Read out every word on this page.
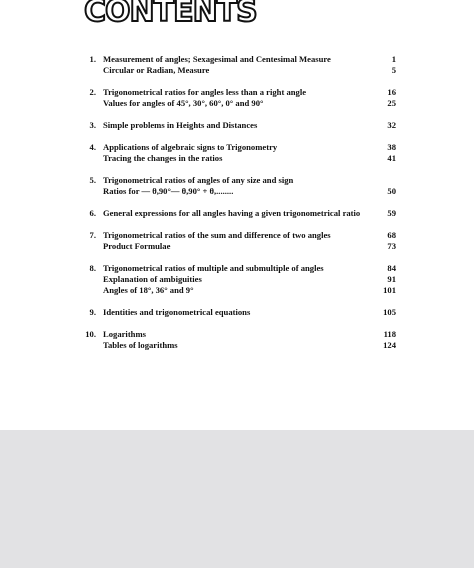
CONTENTS
1. Measurement of angles; Sexagesimal and Centesimal Measure	1
Circular or Radian, Measure	5
2. Trigonometrical ratios for angles less than a right angle	16
Values for angles of 45°, 30°, 60°, 0° and 90°	25
3. Simple problems in Heights and Distances	32
4. Applications of algebraic signs to Trigonometry	38
Tracing the changes in the ratios	41
5. Trigonometrical ratios of angles of any size and sign
Ratios for — θ,90°— θ,90° + θ,........	50
6. General expressions for all angles having a given trigonometrical ratio	59
7. Trigonometrical ratios of the sum and difference of two angles	68
Product Formulae	73
8. Trigonometrical ratios of multiple and submultiple of angles	84
Explanation of ambiguities	91
Angles of 18°, 36° and 9°	101
9. Identities and trigonometrical equations	105
10. Logarithms	118
Tables of logarithms	124
